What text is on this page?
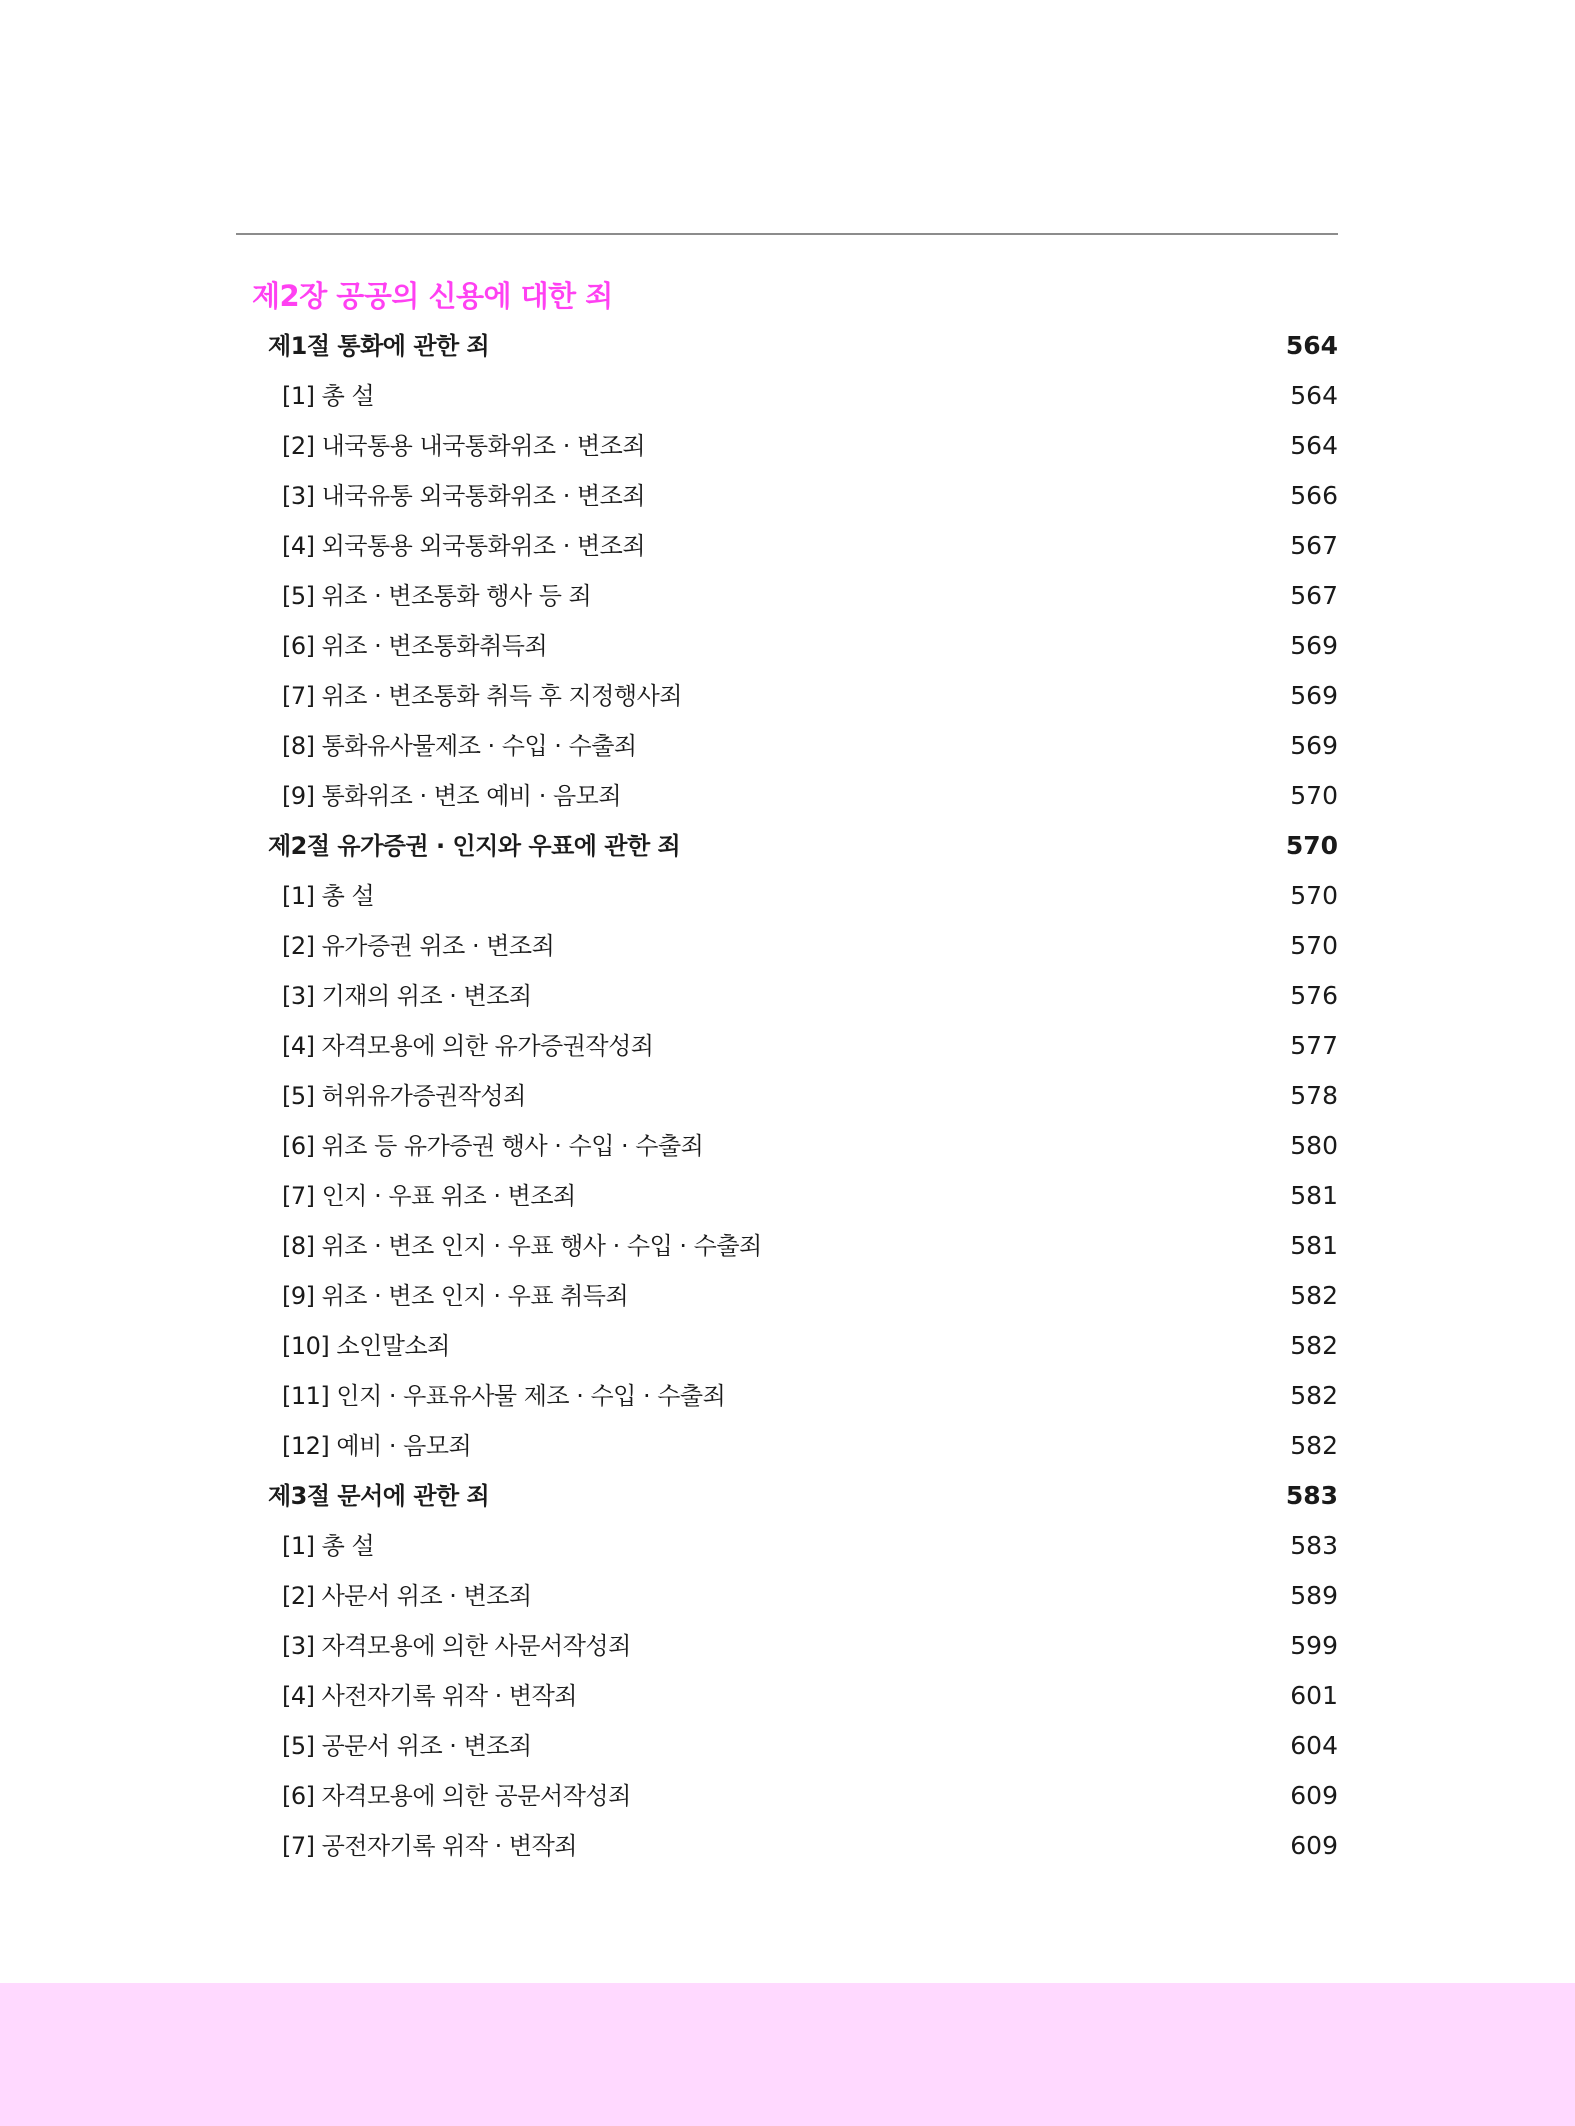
제2장 공공의 신용에 대한 죄
제1절 통화에 관한 죄	564
[1] 총 설	564
[2] 내국통용 내국통화위조 · 변조죄	564
[3] 내국유통 외국통화위조 · 변조죄	566
[4] 외국통용 외국통화위조 · 변조죄	567
[5] 위조 · 변조통화 행사 등 죄	567
[6] 위조 · 변조통화취득죄	569
[7] 위조 · 변조통화 취득 후 지정행사죄	569
[8] 통화유사물제조 · 수입 · 수출죄	569
[9] 통화위조 · 변조 예비 · 음모죄	570
제2절 유가증권 · 인지와 우표에 관한 죄	570
[1] 총 설	570
[2] 유가증권 위조 · 변조죄	570
[3] 기재의 위조 · 변조죄	576
[4] 자격모용에 의한 유가증권작성죄	577
[5] 허위유가증권작성죄	578
[6] 위조 등 유가증권 행사 · 수입 · 수출죄	580
[7] 인지 · 우표 위조 · 변조죄	581
[8] 위조 · 변조 인지 · 우표 행사 · 수입 · 수출죄	581
[9] 위조 · 변조 인지 · 우표 취득죄	582
[10] 소인말소죄	582
[11] 인지 · 우표유사물 제조 · 수입 · 수출죄	582
[12] 예비 · 음모죄	582
제3절 문서에 관한 죄	583
[1] 총 설	583
[2] 사문서 위조 · 변조죄	589
[3] 자격모용에 의한 사문서작성죄	599
[4] 사전자기록 위작 · 변작죄	601
[5] 공문서 위조 · 변조죄	604
[6] 자격모용에 의한 공문서작성죄	609
[7] 공전자기록 위작 · 변작죄	609
